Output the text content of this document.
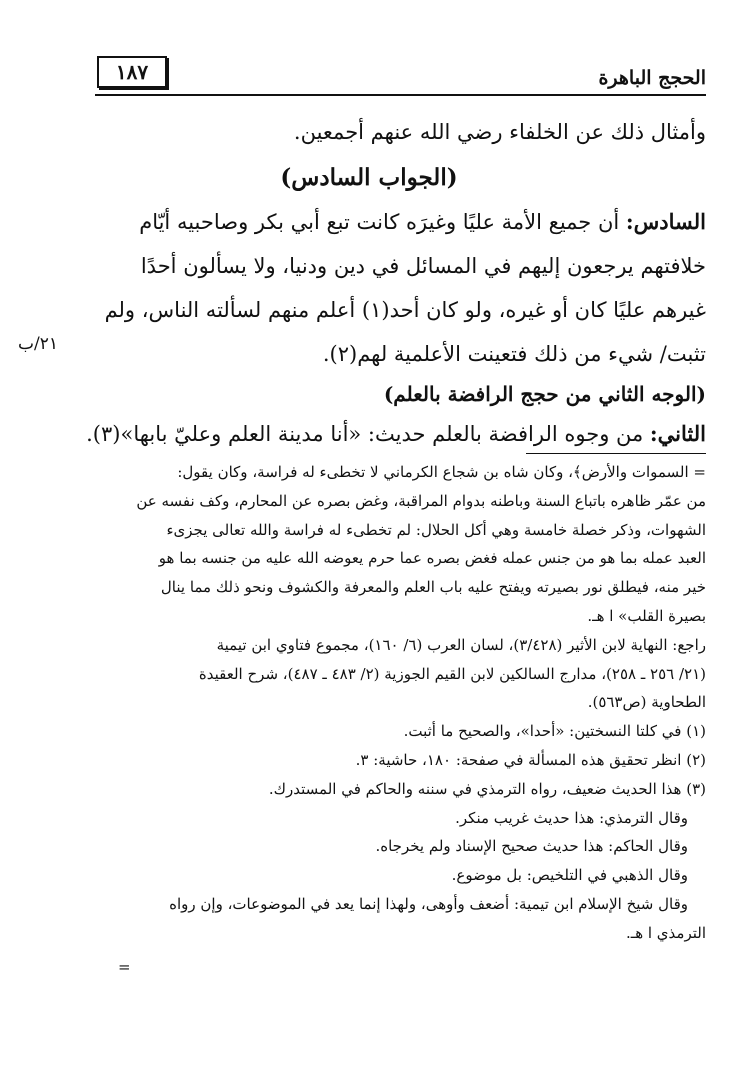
الحجج الباهرة
١٨٧
٢١/ب

وأمثال ذلك عن الخلفاء رضي الله عنهم أجمعين.

(الجواب السادس)

السادس: أن جميع الأمة عليًا وغيرَه كانت تبع أبي بكر وصاحبيه أيّام
خلافتهم يرجعون إليهم في المسائل في دين ودنيا، ولا يسألون أحدًا
غيرهم عليًا كان أو غيره، ولو كان أحد(١) أعلم منهم لسألته الناس، ولم
تثبت/ شيء من ذلك فتعينت الأعلمية لهم(٢).

(الوجه الثاني من حجج الرافضة بالعلم)

الثاني: من وجوه الرافضة بالعلم حديث: «أنا مدينة العلم وعليّ بابها»(٣).

= السموات والأرض﴾، وكان شاه بن شجاع الكرماني لا تخطىء له فراسة، وكان يقول:
من عمّر ظاهره باتباع السنة وباطنه بدوام المراقبة، وغض بصره عن المحارم، وكف نفسه عن
الشهوات، وذكر خصلة خامسة وهي أكل الحلال: لم تخطىء له فراسة والله تعالى يجزىء
العبد عمله بما هو من جنس عمله فغض بصره عما حرم يعوضه الله عليه من جنسه بما هو
خير منه، فيطلق نور بصيرته ويفتح عليه باب العلم والمعرفة والكشوف ونحو ذلك مما ينال
بصيرة القلب» ا هـ.
راجع: النهاية لابن الأثير (٣/٤٢٨)، لسان العرب (٦/ ١٦٠)، مجموع فتاوي ابن تيمية
(٢١/ ٢٥٦ ـ ٢٥٨)، مدارج السالكين لابن القيم الجوزية (٢/ ٤٨٣ ـ ٤٨٧)، شرح العقيدة
الطحاوية (ص٥٦٣).
(١) في كلتا النسختين: «أحدا»، والصحيح ما أثبت.
(٢) انظر تحقيق هذه المسألة في صفحة: ١٨٠، حاشية: ٣.
(٣) هذا الحديث ضعيف، رواه الترمذي في سننه والحاكم في المستدرك.
وقال الترمذي: هذا حديث غريب منكر.
وقال الحاكم: هذا حديث صحيح الإسناد ولم يخرجاه.
وقال الذهبي في التلخيص: بل موضوع.
وقال شيخ الإسلام ابن تيمية: أضعف وأوهى، ولهذا إنما يعد في الموضوعات، وإن رواه
الترمذي ا هـ.
=
